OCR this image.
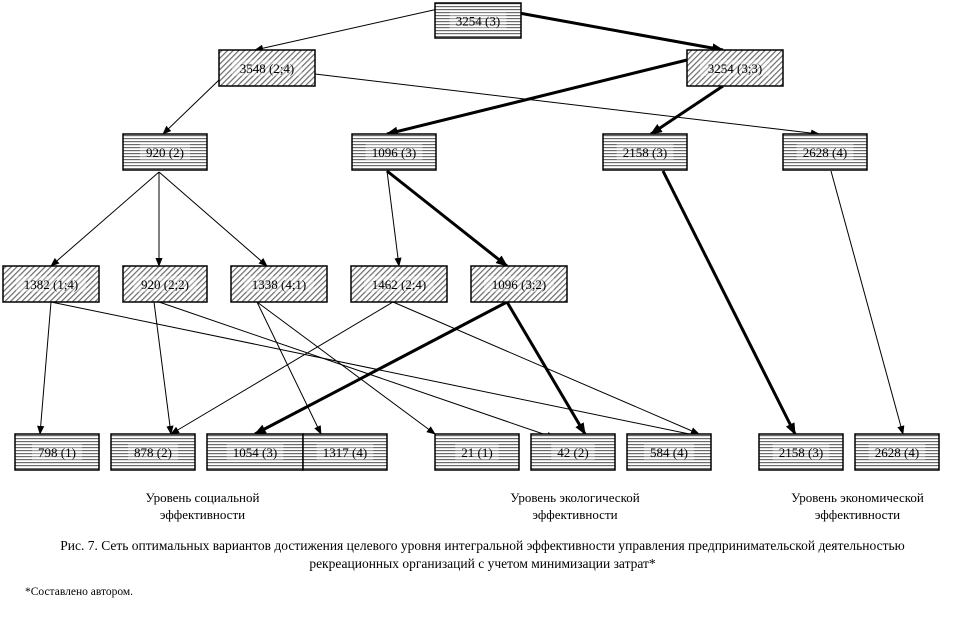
3254 (3)
3548 (2;4)	3254 (3;3)
920 (2)	1096 (3)	2158 (3)	2628 (4)
1382 (1;4)	920 (2;2)	1338 (4;1)	1462 (2;4)	1096 (3;2)
798 (1)	878 (2)	1054 (3)	1317 (4)	21 (1)	42 (2)	584 (4)	2158 (3)	2628 (4)
Уровень социальной
эффективности
Уровень экологической
эффективности
Уровень экономической
эффективности
Рис. 7. Сеть оптимальных вариантов достижения целевого уровня интегральной эффективности управления предпринимательской деятельностью рекреационных организаций с учетом минимизации затрат*
*Составлено автором.
